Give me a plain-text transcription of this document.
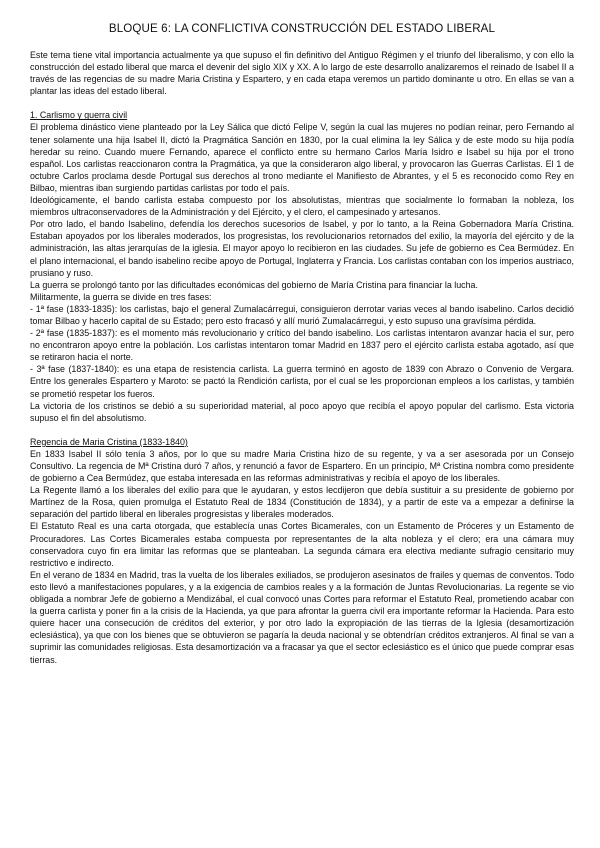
BLOQUE 6: LA CONFLICTIVA CONSTRUCCIÓN DEL ESTADO LIBERAL

Este tema tiene vital importancia actualmente ya que supuso el fin definitivo del Antiguo Régimen y el triunfo del liberalismo, y con ello la construcción del estado liberal que marca el devenir del siglo XIX y XX. A lo largo de este desarrollo analizaremos el reinado de Isabel II a través de las regencias de su madre Maria Cristina y Espartero, y en cada etapa veremos un partido dominante u otro. En ellas se van a plantar las ideas del estado liberal.

1. Carlismo y guerra civil

El problema dinástico viene planteado por la Ley Sálica que dictó Felipe V, según la cual las mujeres no podían reinar, pero Fernando al tener solamente una hija Isabel II, dictó la Pragmática Sanción en 1830, por la cual elimina la ley Sálica y de este modo su hija podía heredar su reino. Cuando muere Fernando, aparece el conflicto entre su hermano Carlos María Isidro e Isabel su hija por el trono español. Los carlistas reaccionaron contra la Pragmática, ya que la consideraron algo liberal, y provocaron las Guerras Carlistas. El 1 de octubre Carlos proclama desde Portugal sus derechos al trono mediante el Manifiesto de Abrantes, y el 5 es reconocido como Rey en Bilbao, mientras iban surgiendo partidas carlistas por todo el país.

Ideológicamente, el bando carlista estaba compuesto por los absolutistas, mientras que socialmente lo formaban la nobleza, los miembros ultraconservadores de la Administración y del Ejército, y el clero, el campesinado y artesanos.

Por otro lado, el bando Isabelino, defendía los derechos sucesorios de Isabel, y por lo tanto, a la Reina Gobernadora María Cristina. Estaban apoyados por los liberales moderados, los progresistas, los revolucionarios retornados del exilio, la mayoría del ejército y de la administración, las altas jerarquías de la iglesia. El mayor apoyo lo recibieron en las ciudades. Su jefe de gobierno es Cea Bermúdez. En el plano internacional, el bando isabelino recibe apoyo de Portugal, Inglaterra y Francia. Los carlistas contaban con los imperios austriaco, prusiano y ruso.

La guerra se prolongó tanto por las dificultades económicas del gobierno de María Cristina para financiar la lucha.

Militarmente, la guerra se divide en tres fases:

- 1ª fase (1833-1835): los carlistas, bajo el general Zumalacárregui, consiguieron derrotar varias veces al bando isabelino. Carlos decidió tomar Bilbao y hacerlo capital de su Estado; pero esto fracasó y allí murió Zumalacárregui, y esto supuso una gravísima pérdida.

- 2ª fase (1835-1837): es el momento más revolucionario y crítico del bando isabelino. Los carlistas intentaron avanzar hacia el sur, pero no encontraron apoyo entre la población. Los carlistas intentaron tomar Madrid en 1837 pero el ejército carlista estaba agotado, así que se retiraron hacia el norte.

- 3ª fase (1837-1840): es una etapa de resistencia carlista. La guerra terminó en agosto de 1839 con Abrazo o Convenio de Vergara. Entre los generales Espartero y Maroto: se pactó la Rendición carlista, por el cual se les proporcionan empleos a los carlistas, y también se prometió respetar los fueros.

La victoria de los cristinos se debió a su superioridad material, al poco apoyo que recibía el apoyo popular del carlismo. Esta victoria supuso el fin del absolutismo.

Regencia de Maria Cristina (1833-1840)

En 1833 Isabel II sólo tenía 3 años, por lo que su madre Maria Cristina hizo de su regente, y va a ser asesorada por un Consejo Consultivo. La regencia de Mª Cristina duró 7 años, y renunció a favor de Espartero. En un principio, Mª Cristina nombra como presidente de gobierno a Cea Bermúdez, que estaba interesada en las reformas administrativas y recibía el apoyo de los liberales.

La Regente llamó a los liberales del exilio para que le ayudaran, y estos lecdijeron que debía sustituir a su presidente de gobierno por Martínez de la Rosa, quien promulga el Estatuto Real de 1834 (Constitución de 1834), y a partir de este va a empezar a definirse la separación del partido liberal en liberales progresistas y liberales moderados.

El Estatuto Real es una carta otorgada, que establecía unas Cortes Bicamerales, con un Estamento de Próceres y un Estamento de Procuradores. Las Cortes Bicamerales estaba compuesta por representantes de la alta nobleza y el clero; era una cámara muy conservadora cuyo fin era limitar las reformas que se planteaban. La segunda cámara era electiva mediante sufragio censitario muy restrictivo e indirecto.

En el verano de 1834 en Madrid, tras la vuelta de los liberales exiliados, se produjeron asesinatos de frailes y quemas de conventos. Todo esto llevó a manifestaciones populares, y a la exigencia de cambios reales y a la formación de Juntas Revolucionarias. La regente se vio obligada a nombrar Jefe de gobierno a Mendizábal, el cual convocó unas Cortes para reformar el Estatuto Real, prometiendo acabar con la guerra carlista y poner fin a la crisis de la Hacienda, ya que para afrontar la guerra civil era importante reformar la Hacienda. Para esto quiere hacer una consecución de créditos del exterior, y por otro lado la expropiación de las tierras de la Iglesia (desamortización eclesiástica), ya que con los bienes que se obtuvieron se pagaría la deuda nacional y se obtendrían créditos extranjeros. Al final se van a suprimir las comunidades religiosas. Esta desamortización va a fracasar ya que el sector eclesiástico es el único que puede comprar esas tierras.
